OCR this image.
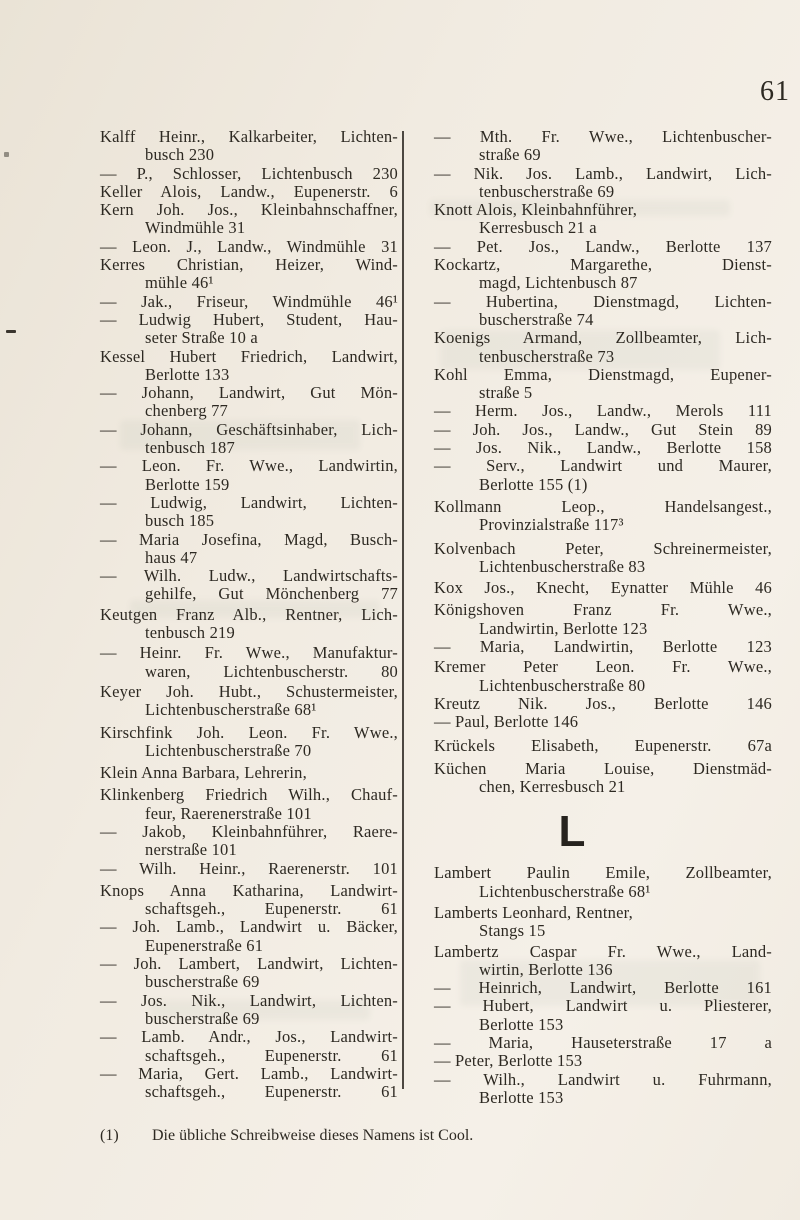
61
Kalff Heinr., Kalkarbeiter, Lichten-
busch 230
— P., Schlosser, Lichtenbusch 230
Keller Alois, Landw., Eupenerstr. 6
Kern Joh. Jos., Kleinbahnschaffner,
Windmühle 31
— Leon. J., Landw., Windmühle 31
Kerres Christian, Heizer, Wind-
mühle 46¹
— Jak., Friseur, Windmühle 46¹
— Ludwig Hubert, Student, Hau-
seter Straße 10 a
Kessel Hubert Friedrich, Landwirt,
Berlotte 133
— Johann, Landwirt, Gut Mön-
chenberg 77
— Johann, Geschäftsinhaber, Lich-
tenbusch 187
— Leon. Fr. Wwe., Landwirtin,
Berlotte 159
— Ludwig, Landwirt, Lichten-
busch 185
— Maria Josefina, Magd, Busch-
haus 47
— Wilh. Ludw., Landwirtschafts-
gehilfe, Gut Mönchenberg 77
Keutgen Franz Alb., Rentner, Lich-
tenbusch 219
— Heinr. Fr. Wwe., Manufaktur-
waren, Lichtenbuscherstr. 80
Keyer Joh. Hubt., Schustermeister,
Lichtenbuscherstraße 68¹
Kirschfink Joh. Leon. Fr. Wwe.,
Lichtenbuscherstraße 70
Klein Anna Barbara, Lehrerin,
Klinkenberg Friedrich Wilh., Chauf-
feur, Raerenerstraße 101
— Jakob, Kleinbahnführer, Raere-
nerstraße 101
— Wilh. Heinr., Raerenerstr. 101
Knops Anna Katharina, Landwirt-
schaftsgeh., Eupenerstr. 61
— Joh. Lamb., Landwirt u. Bäcker,
Eupenerstraße 61
— Joh. Lambert, Landwirt, Lichten-
buscherstraße 69
— Jos. Nik., Landwirt, Lichten-
buscherstraße 69
— Lamb. Andr., Jos., Landwirt-
schaftsgeh., Eupenerstr. 61
— Maria, Gert. Lamb., Landwirt-
schaftsgeh., Eupenerstr. 61
— Mth. Fr. Wwe., Lichtenbuscher-
straße 69
— Nik. Jos. Lamb., Landwirt, Lich-
tenbuscherstraße 69
Knott Alois, Kleinbahnführer,
Kerresbusch 21 a
— Pet. Jos., Landw., Berlotte 137
Kockartz, Margarethe, Dienst-
magd, Lichtenbusch 87
— Hubertina, Dienstmagd, Lichten-
buscherstraße 74
Koenigs Armand, Zollbeamter, Lich-
tenbuscherstraße 73
Kohl Emma, Dienstmagd, Eupener-
straße 5
— Herm. Jos., Landw., Merols 111
— Joh. Jos., Landw., Gut Stein 89
— Jos. Nik., Landw., Berlotte 158
— Serv., Landwirt und Maurer,
Berlotte 155 (1)
Kollmann Leop., Handelsangest.,
Provinzialstraße 117³
Kolvenbach Peter, Schreinermeister,
Lichtenbuscherstraße 83
Kox Jos., Knecht, Eynatter Mühle 46
Königshoven Franz Fr. Wwe.,
Landwirtin, Berlotte 123
— Maria, Landwirtin, Berlotte 123
Kremer Peter Leon. Fr. Wwe.,
Lichtenbuscherstraße 80
Kreutz Nik. Jos., Berlotte 146
— Paul, Berlotte 146
Krückels Elisabeth, Eupenerstr. 67a
Küchen Maria Louise, Dienstmäd-
chen, Kerresbusch 21
L
Lambert Paulin Emile, Zollbeamter,
Lichtenbuscherstraße 68¹
Lamberts Leonhard, Rentner,
Stangs 15
Lambertz Caspar Fr. Wwe., Land-
wirtin, Berlotte 136
— Heinrich, Landwirt, Berlotte 161
— Hubert, Landwirt u. Pliesterer,
Berlotte 153
— Maria, Hauseterstraße 17 a
— Peter, Berlotte 153
— Wilh., Landwirt u. Fuhrmann,
Berlotte 153
(1) Die übliche Schreibweise dieses Namens ist Cool.
